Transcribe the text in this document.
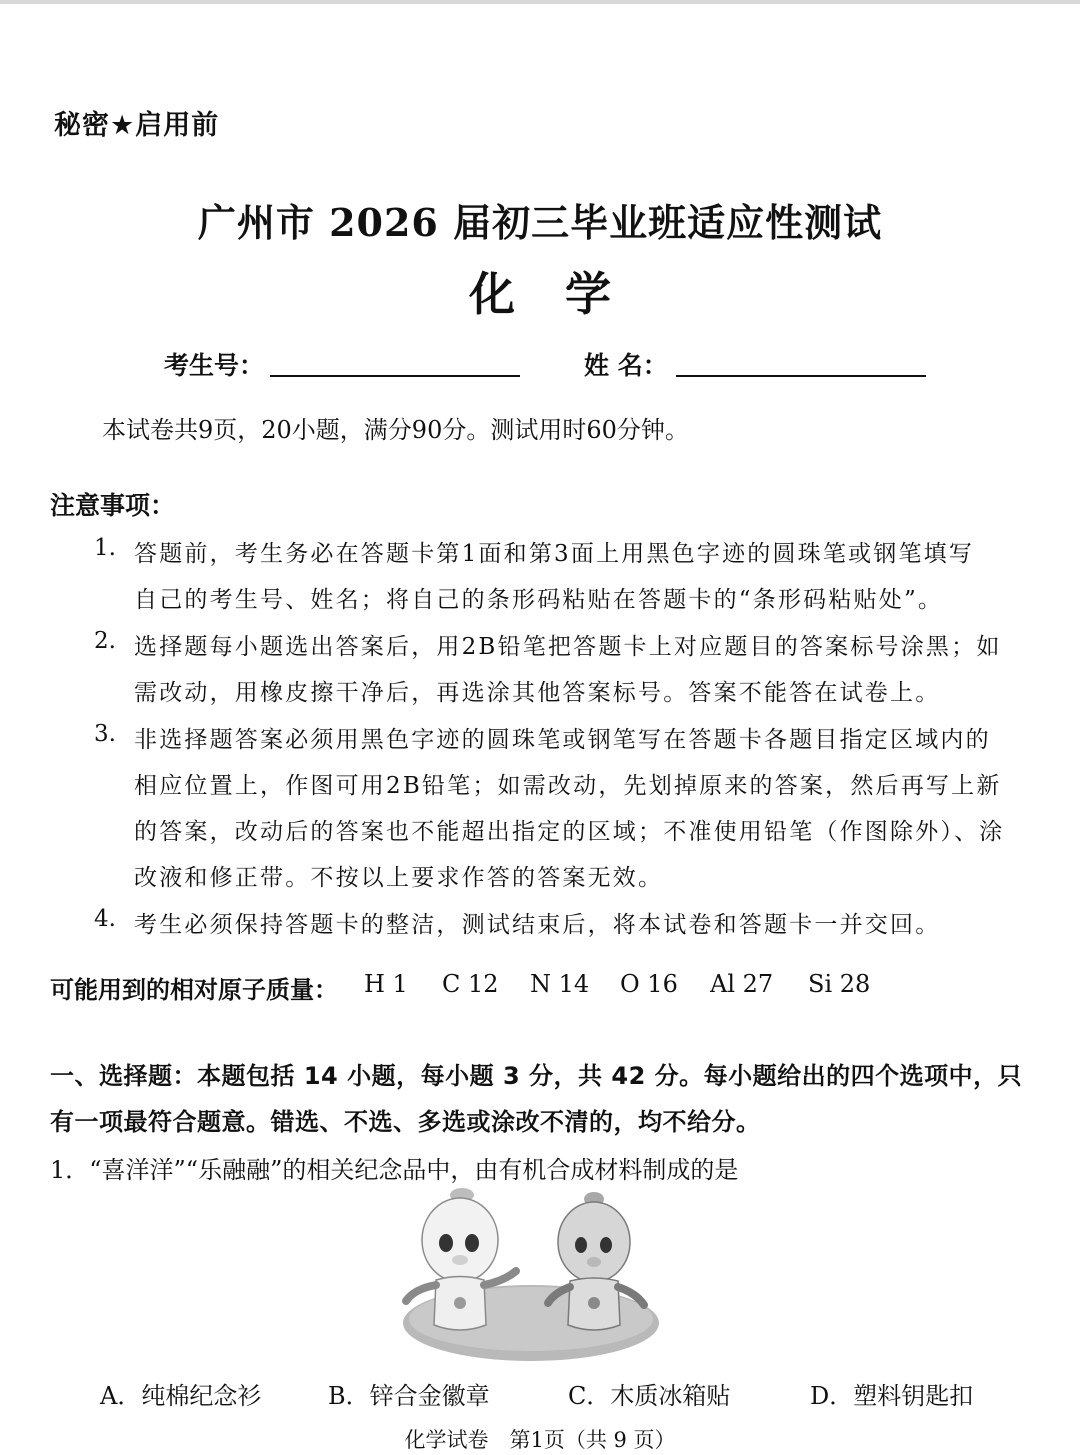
秘密★启用前
广州市 2026 届初三毕业班适应性测试
化学
考生号：	姓 名：
本试卷共9页，20小题，满分90分。测试用时60分钟。
注意事项：
1. 答题前，考生务必在答题卡第1面和第3面上用黑色字迹的圆珠笔或钢笔填写
自己的考生号、姓名；将自己的条形码粘贴在答题卡的“条形码粘贴处”。
2. 选择题每小题选出答案后，用2B铅笔把答题卡上对应题目的答案标号涂黑；如
需改动，用橡皮擦干净后，再选涂其他答案标号。答案不能答在试卷上。
3. 非选择题答案必须用黑色字迹的圆珠笔或钢笔写在答题卡各题目指定区域内的
相应位置上，作图可用2B铅笔；如需改动，先划掉原来的答案，然后再写上新
的答案，改动后的答案也不能超出指定的区域；不准使用铅笔（作图除外）、涂
改液和修正带。不按以上要求作答的答案无效。
4. 考生必须保持答题卡的整洁，测试结束后，将本试卷和答题卡一并交回。
可能用到的相对原子质量： H 1 C 12 N 14 O 16 Al 27 Si 28
一、选择题：本题包括 14 小题，每小题 3 分，共 42 分。每小题给出的四个选项中，只
有一项最符合题意。错选、不选、多选或涂改不清的，均不给分。
1．“喜洋洋”“乐融融”的相关纪念品中，由有机合成材料制成的是
A．纯棉纪念衫	B．锌合金徽章	C．木质冰箱贴	D．塑料钥匙扣
化学试卷　第1页（共 9 页）
